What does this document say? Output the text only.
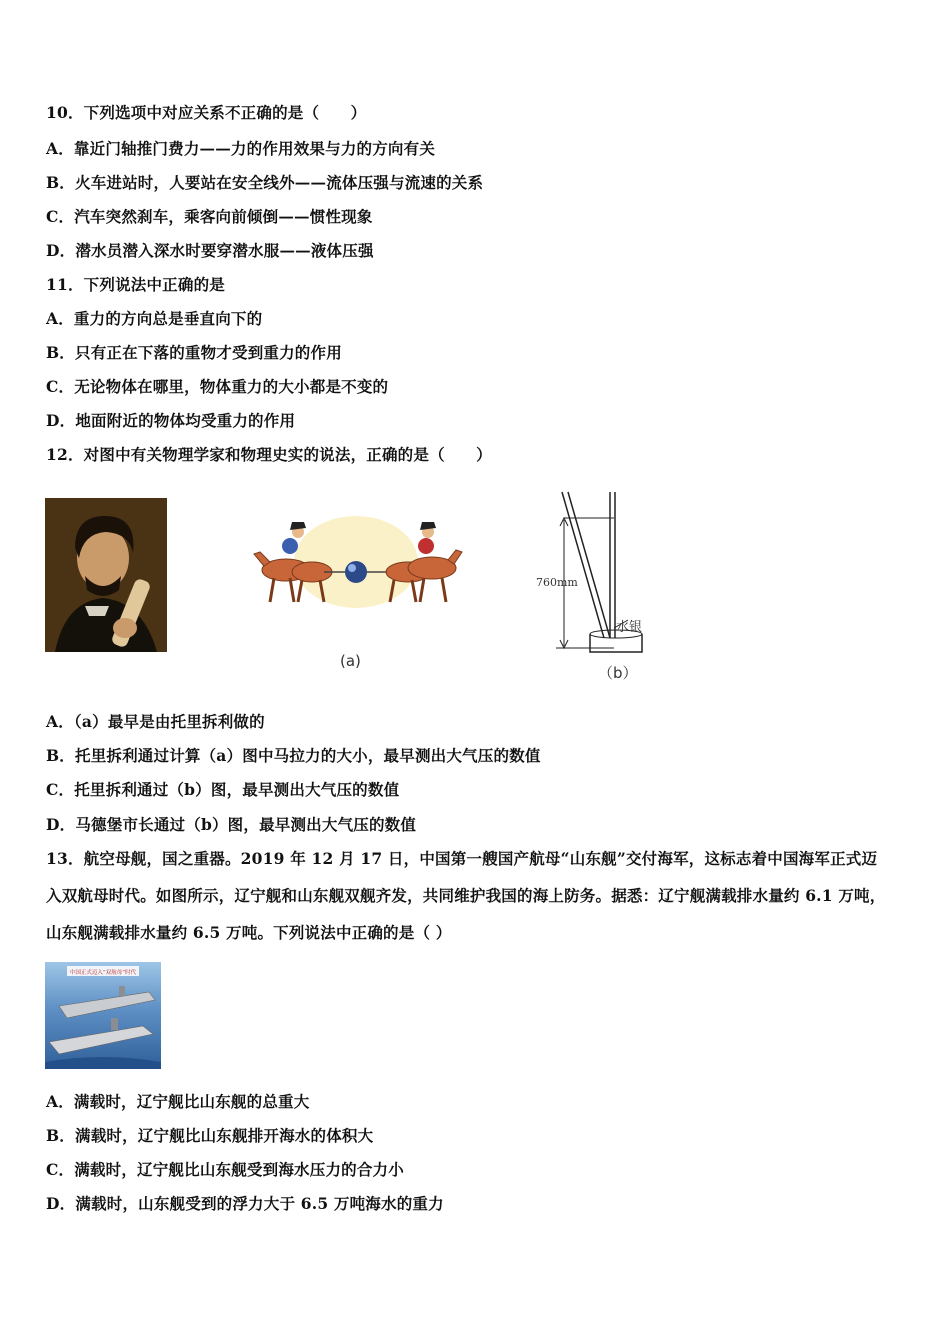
10．下列选项中对应关系不正确的是（　　）
A．靠近门轴推门费力——力的作用效果与力的方向有关
B．火车进站时，人要站在安全线外——流体压强与流速的关系
C．汽车突然刹车，乘客向前倾倒——惯性现象
D．潜水员潜入深水时要穿潜水服——液体压强
11．下列说法中正确的是
A．重力的方向总是垂直向下的
B．只有正在下落的重物才受到重力的作用
C．无论物体在哪里，物体重力的大小都是不变的
D．地面附近的物体均受重力的作用
12．对图中有关物理学家和物理史实的说法，正确的是（　　）
(a)
760mm
水银
（b）
A．（a）最早是由托里拆利做的
B．托里拆利通过计算（a）图中马拉力的大小，最早测出大气压的数值
C．托里拆利通过（b）图，最早测出大气压的数值
D．马德堡市长通过（b）图，最早测出大气压的数值
13．航空母舰，国之重器。2019 年 12 月 17 日，中国第一艘国产航母“山东舰”交付海军，这标志着中国海军正式迈
入双航母时代。如图所示，辽宁舰和山东舰双舰齐发，共同维护我国的海上防务。据悉：辽宁舰满载排水量约 6.1 万吨，
山东舰满载排水量约 6.5 万吨。下列说法中正确的是（ ）
中国正式迈入“双航母”时代
A．满载时，辽宁舰比山东舰的总重大
B．满载时，辽宁舰比山东舰排开海水的体积大
C．满载时，辽宁舰比山东舰受到海水压力的合力小
D．满载时，山东舰受到的浮力大于 6.5 万吨海水的重力
